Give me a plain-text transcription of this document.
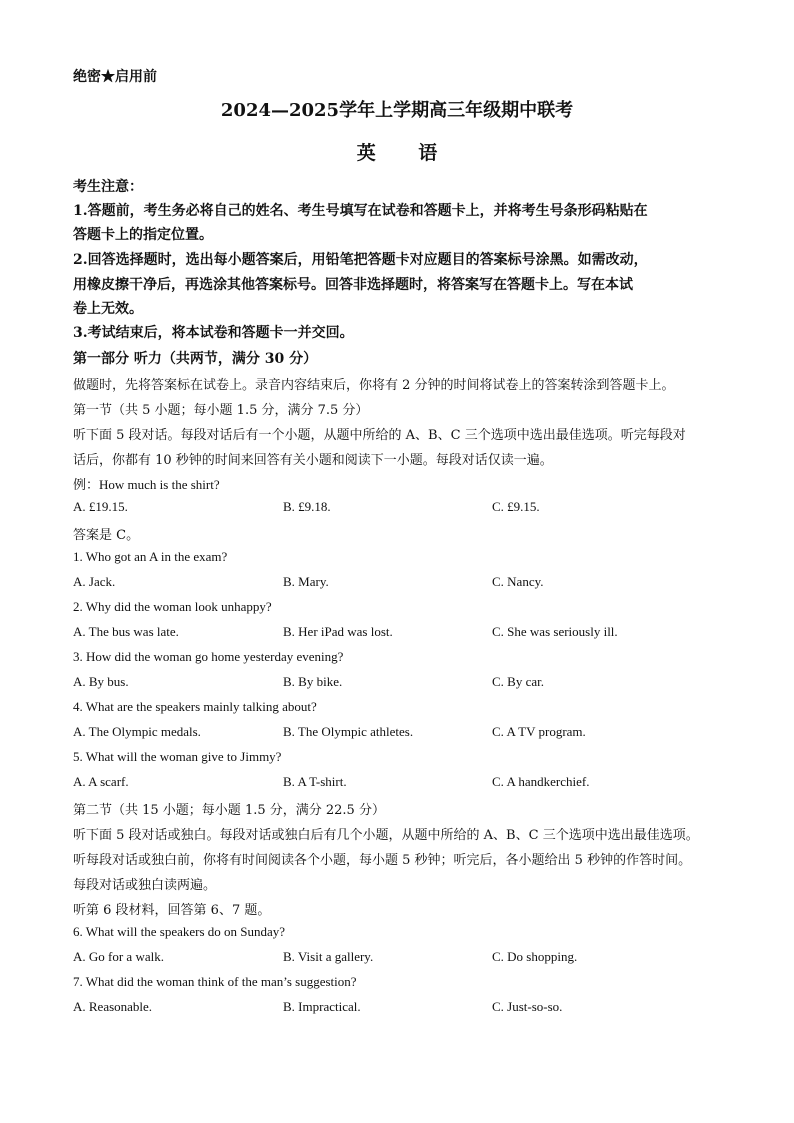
绝密★启用前
2024—2025学年上学期高三年级期中联考
英 语
考生注意：
1.答题前，考生务必将自己的姓名、考生号填写在试卷和答题卡上，并将考生号条形码粘贴在
答题卡上的指定位置。
2.回答选择题时，选出每小题答案后，用铅笔把答题卡对应题目的答案标号涂黑。如需改动，
用橡皮擦干净后，再选涂其他答案标号。回答非选择题时，将答案写在答题卡上。写在本试
卷上无效。
3.考试结束后，将本试卷和答题卡一并交回。
第一部分 听力（共两节，满分 30 分）
做题时，先将答案标在试卷上。录音内容结束后，你将有 2 分钟的时间将试卷上的答案转涂到答题卡上。
第一节（共 5 小题；每小题 1.5 分，满分 7.5 分）
听下面 5 段对话。每段对话后有一个小题，从题中所给的 A、B、C 三个选项中选出最佳选项。听完每段对
话后，你都有 10 秒钟的时间来回答有关小题和阅读下一小题。每段对话仅读一遍。
例：How much is the shirt?
A. £19.15.	B. £9.18.	C. £9.15.
答案是 C。
1. Who got an A in the exam?
A. Jack.	B. Mary.	C. Nancy.
2. Why did the woman look unhappy?
A. The bus was late.	B. Her iPad was lost.	C. She was seriously ill.
3. How did the woman go home yesterday evening?
A. By bus.	B. By bike.	C. By car.
4. What are the speakers mainly talking about?
A. The Olympic medals.	B. The Olympic athletes.	C. A TV program.
5. What will the woman give to Jimmy?
A. A scarf.	B. A T-shirt.	C. A handkerchief.
第二节（共 15 小题；每小题 1.5 分，满分 22.5 分）
听下面 5 段对话或独白。每段对话或独白后有几个小题，从题中所给的 A、B、C 三个选项中选出最佳选项。
听每段对话或独白前，你将有时间阅读各个小题，每小题 5 秒钟；听完后，各小题给出 5 秒钟的作答时间。
每段对话或独白读两遍。
听第 6 段材料，回答第 6、7 题。
6. What will the speakers do on Sunday?
A. Go for a walk.	B. Visit a gallery.	C. Do shopping.
7. What did the woman think of the man’s suggestion?
A. Reasonable.	B. Impractical.	C. Just-so-so.
